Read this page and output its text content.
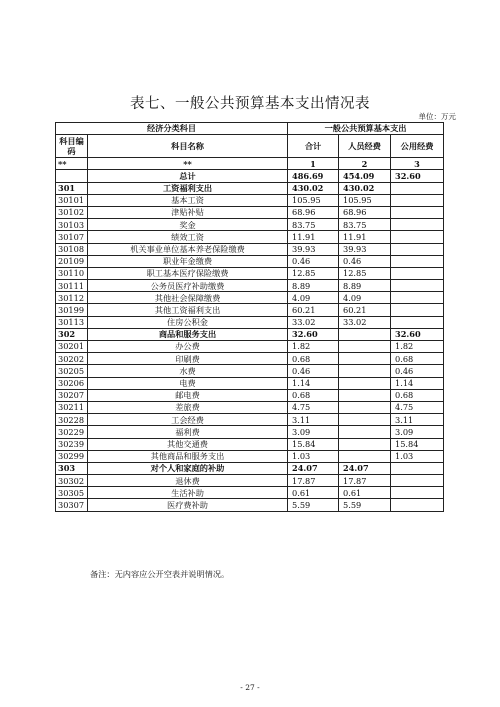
表七、一般公共预算基本支出情况表
单位：万元
经济分类科目		一般公共预算基本支出		
科目编码	科目名称	合计	人员经费	公用经费
**	**	1	2	3
	总计	486.69	454.09	32.60
301	工资福利支出	430.02	430.02	
30101	基本工资	105.95	105.95	
30102	津贴补贴	68.96	68.96	
30103	奖金	83.75	83.75	
30107	绩效工资	11.91	11.91	
30108	机关事业单位基本养老保险缴费	39.93	39.93	
20109	职业年金缴费	0.46	0.46	
30110	职工基本医疗保险缴费	12.85	12.85	
30111	公务员医疗补助缴费	8.89	8.89	
30112	其他社会保障缴费	4.09	4.09	
30199	其他工资福利支出	60.21	60.21	
30113	住房公积金	33.02	33.02	
302	商品和服务支出	32.60		32.60
30201	办公费	1.82		1.82
30202	印刷费	0.68		0.68
30205	水费	0.46		0.46
30206	电费	1.14		1.14
30207	邮电费	0.68		0.68
30211	差旅费	4.75		4.75
30228	工会经费	3.11		3.11
30229	福利费	3.09		3.09
30239	其他交通费	15.84		15.84
30299	其他商品和服务支出	1.03		1.03
303	对个人和家庭的补助	24.07	24.07	
30302	退休费	17.87	17.87	
30305	生活补助	0.61	0.61	
30307	医疗费补助	5.59	5.59	
备注：无内容应公开空表并说明情况。
- 27 -
